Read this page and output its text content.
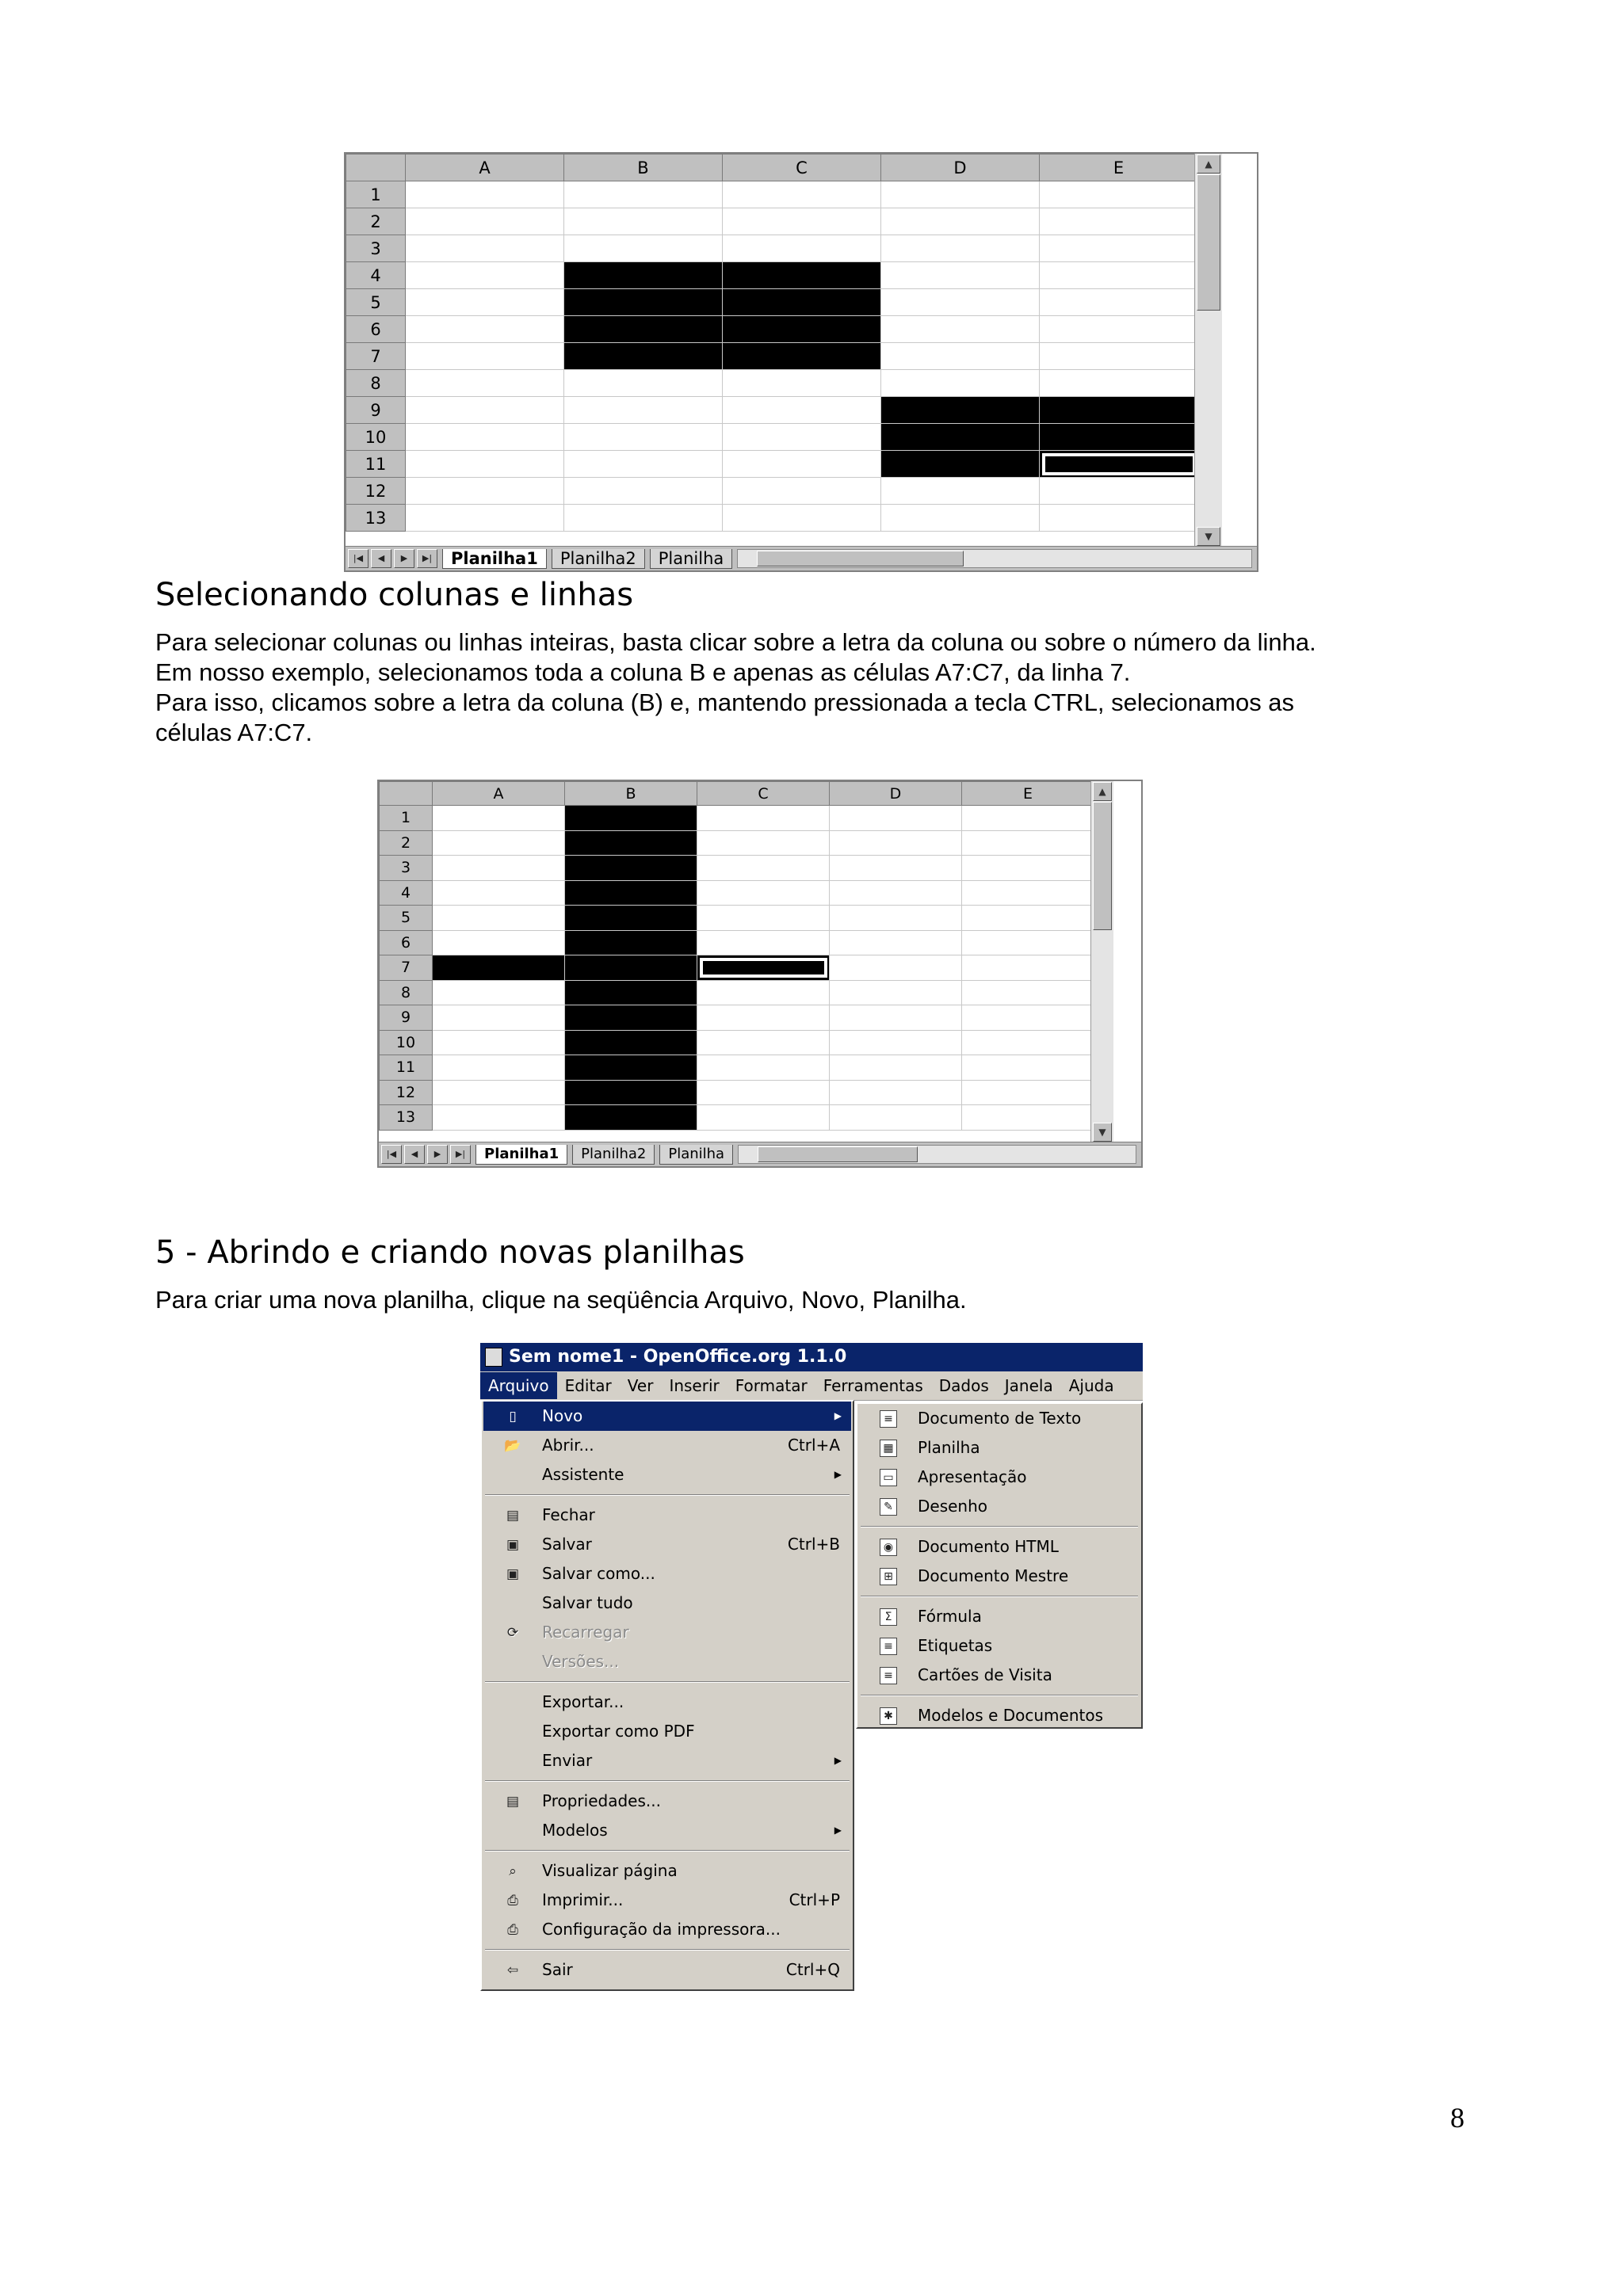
	A	B	C	D	E
1					
2					
3					
4					
5					
6					
7					
8					
9					
10					
11					
12					
13					
▲
▼
|◀	◀	▶	▶|	Planilha1	Planilha2	Planilha
Selecionando colunas e linhas

Para selecionar colunas ou linhas inteiras, basta clicar sobre a letra da coluna ou sobre o número da linha.
Em nosso exemplo, selecionamos toda a coluna B e apenas as células A7:C7, da linha 7.
Para isso, clicamos sobre a letra da coluna (B) e, mantendo pressionada a tecla CTRL, selecionamos as
células A7:C7.

	A	B	C	D	E
1					
2					
3					
4					
5					
6					
7					
8					
9					
10					
11					
12					
13					
▲
▼
|◀	◀	▶	▶|	Planilha1	Planilha2	Planilha
5 - Abrindo e criando novas planilhas

Para criar uma nova planilha, clique na seqüência Arquivo, Novo, Planilha.

Sem nome1 - OpenOffice.org 1.1.0
Arquivo	Editar	Ver	Inserir	Formatar	Ferramentas	Dados	Janela	Ajuda
▯	Novo	▶
📂 Abrir...	Ctrl+A
Assistente	▶
▤ Fechar
▣ Salvar	Ctrl+B
▣ Salvar como...
Salvar tudo
⟳ Recarregar
Versões...
Exportar...
Exportar como PDF
Enviar	▶
▤ Propriedades...
Modelos	▶
⌕	Visualizar página
⎙ Imprimir...	Ctrl+P
⎙ Configuração da impressora...
⇦ Sair	Ctrl+Q
≡ Documento de Texto
▦ Planilha
▭ Apresentação
✎ Desenho
◉ Documento HTML
⊞ Documento Mestre
Σ	Fórmula
≡ Etiquetas
≡ Cartões de Visita
✱ Modelos e Documentos
8
